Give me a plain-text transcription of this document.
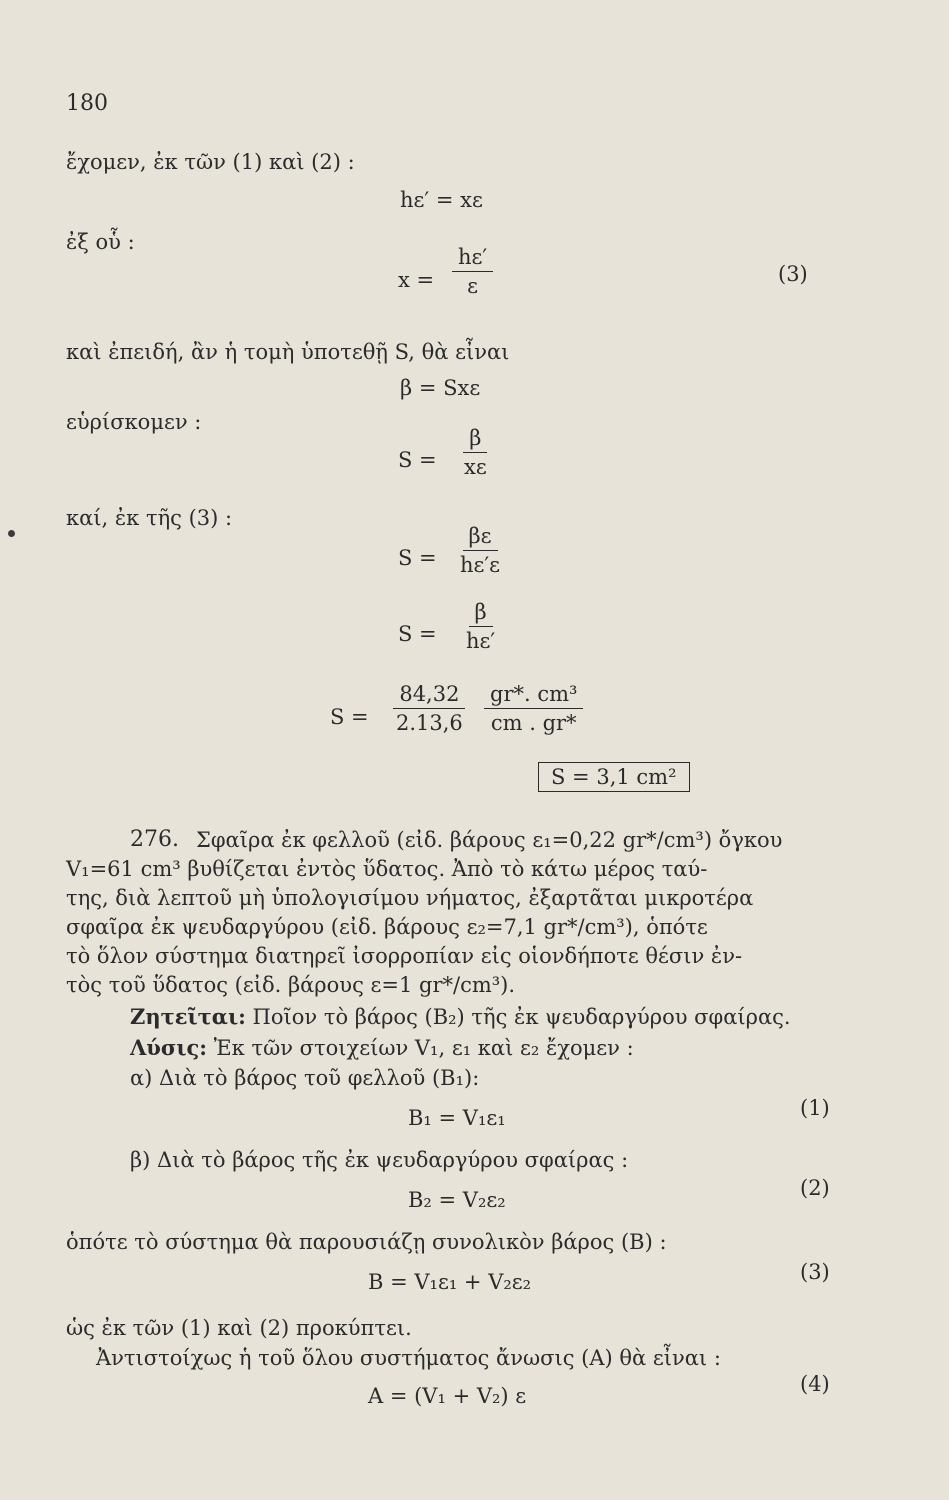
180
ἔχομεν, ἐκ τῶν (1) καὶ (2) :
hε′ = xε
ἐξ οὗ :
$x = \frac{h\varepsilon'}{\varepsilon}$	(3)
καὶ ἐπειδή, ἂν ἡ τομὴ ὑποτεθῇ S, θὰ εἶναι
β = Sxε
εὑρίσκομεν :
$S = \frac{\beta}{x\varepsilon}$
καί, ἐκ τῆς (3) :
$S = \frac{\beta\varepsilon}{h\varepsilon'\varepsilon}$
$S = \frac{\beta}{h\varepsilon'}$
$S = \frac{84,32}{2.13,6} \frac{\text{gr*. cm³}}{cm . gr*}$
S = 3,1 cm²
276. Σφαῖρα ἐκ φελλοῦ (εἰδ. βάρους ε₁=0,22 gr*/cm³) ὄγκου
V₁=61 cm³ βυθίζεται ἐντὸς ὕδατος. Ἀπὸ τὸ κάτω μέρος ταύ-
της, διὰ λεπτοῦ μὴ ὑπολογισίμου νήματος, ἐξαρτᾶται μικροτέρα
σφαῖρα ἐκ ψευδαργύρου (εἰδ. βάρους ε₂=7,1 gr*/cm³), ὁπότε
τὸ ὅλον σύστημα διατηρεῖ ἰσορροπίαν εἰς οἱονδήποτε θέσιν ἐν-
τὸς τοῦ ὕδατος (εἰδ. βάρους ε=1 gr*/cm³).
Ζητεῖται: Ποῖον τὸ βάρος (B₂) τῆς ἐκ ψευδαργύρου σφαίρας.
Λύσις: Ἐκ τῶν στοιχείων V₁, ε₁ καὶ ε₂ ἔχομεν :
α) Διὰ τὸ βάρος τοῦ φελλοῦ (B₁):
B₁ = V₁ε₁	(1)
β) Διὰ τὸ βάρος τῆς ἐκ ψευδαργύρου σφαίρας :
B₂ = V₂ε₂	(2)
ὁπότε τὸ σύστημα θὰ παρουσιάζῃ συνολικὸν βάρος (B) :
B = V₁ε₁ + V₂ε₂	(3)
ὡς ἐκ τῶν (1) καὶ (2) προκύπτει.
Ἀντιστοίχως ἡ τοῦ ὅλου συστήματος ἄνωσις (A) θὰ εἶναι :
A = (V₁ + V₂) ε	(4)
